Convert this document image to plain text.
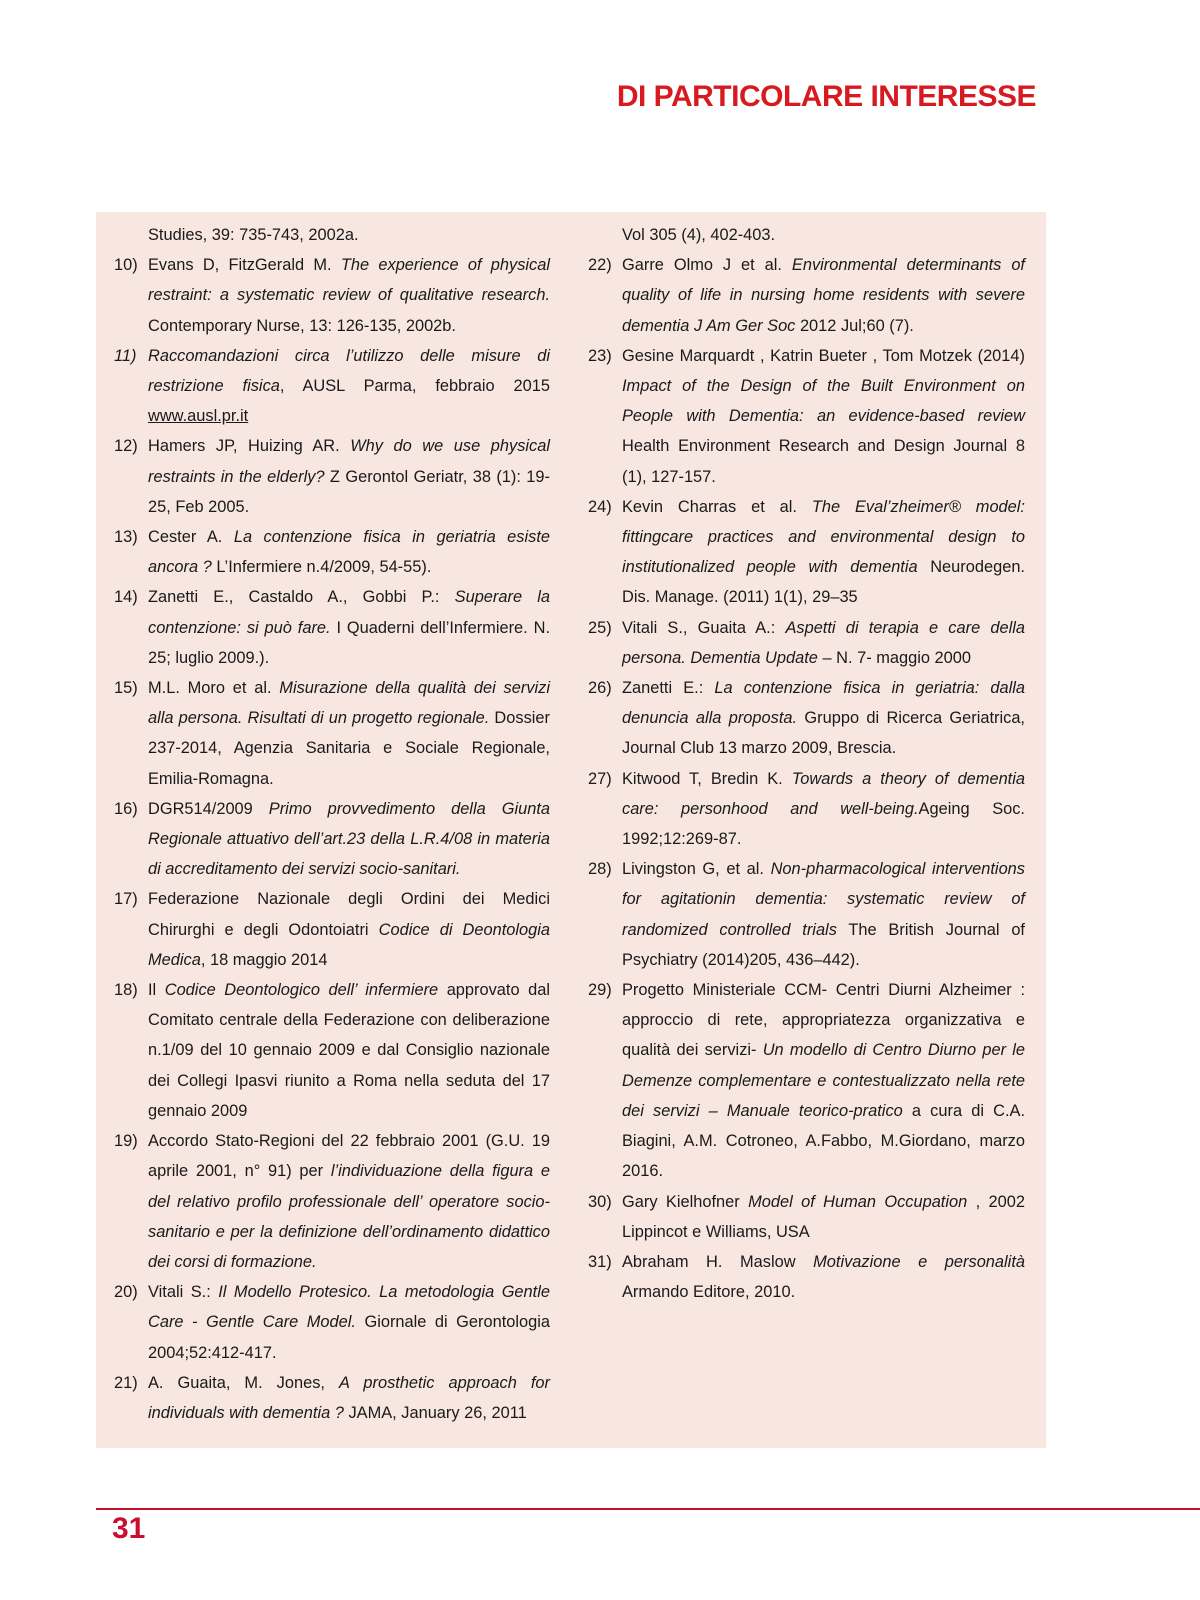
DI PARTICOLARE INTERESSE
Studies, 39: 735-743, 2002a.
10) Evans D, FitzGerald M. The experience of physical restraint: a systematic review of qualitative research. Contemporary Nurse, 13: 126-135, 2002b.
11) Raccomandazioni circa l’utilizzo delle misure di restrizione fisica, AUSL Parma, febbraio 2015 www.ausl.pr.it
12) Hamers JP, Huizing AR. Why do we use physical restraints in the elderly? Z Gerontol Geriatr, 38 (1): 19-25, Feb 2005.
13) Cester A. La contenzione fisica in geriatria esiste ancora ? L’Infermiere n.4/2009, 54-55).
14) Zanetti E., Castaldo A., Gobbi P.: Superare la contenzione: si può fare. I Quaderni dell’Infermiere. N. 25; luglio 2009.).
15) M.L. Moro et al. Misurazione della qualità dei servizi alla persona. Risultati di un progetto regionale. Dossier 237-2014, Agenzia Sanitaria e Sociale Regionale, Emilia-Romagna.
16) DGR514/2009 Primo provvedimento della Giunta Regionale attuativo dell’art.23 della L.R.4/08 in materia di accreditamento dei servizi socio-sanitari.
17) Federazione Nazionale degli Ordini dei Medici Chirurghi e degli Odontoiatri Codice di Deontologia Medica, 18 maggio 2014
18) Il Codice Deontologico dell’ infermiere approvato dal Comitato centrale della Federazione con deliberazione n.1/09 del 10 gennaio 2009 e dal Consiglio nazionale dei Collegi Ipasvi riunito a Roma nella seduta del 17 gennaio 2009
19) Accordo Stato-Regioni del 22 febbraio 2001 (G.U. 19 aprile 2001, n° 91) per l’individuazione della figura e del relativo profilo professionale dell’ operatore socio-sanitario e per la definizione dell’ordinamento didattico dei corsi di formazione.
20) Vitali S.: Il Modello Protesico. La metodologia Gentle Care - Gentle Care Model. Giornale di Gerontologia 2004;52:412-417.
21) A. Guaita, M. Jones, A prosthetic approach for individuals with dementia ? JAMA, January 26, 2011
Vol 305 (4), 402-403.
22) Garre Olmo J et al. Environmental determinants of quality of life in nursing home residents with severe dementia J Am Ger Soc 2012 Jul;60 (7).
23) Gesine Marquardt , Katrin Bueter , Tom Motzek (2014) Impact of the Design of the Built Environment on People with Dementia: an evidence-based review Health Environment Research and Design Journal 8 (1), 127-157.
24) Kevin Charras et al. The Eval’zheimer® model: fittingcare practices and environmental design to institutionalized people with dementia Neurodegen. Dis. Manage. (2011) 1(1), 29–35
25) Vitali S., Guaita A.: Aspetti di terapia e care della persona. Dementia Update – N. 7- maggio 2000
26) Zanetti E.: La contenzione fisica in geriatria: dalla denuncia alla proposta. Gruppo di Ricerca Geriatrica, Journal Club 13 marzo 2009, Brescia.
27) Kitwood T, Bredin K. Towards a theory of dementia care: personhood and well-being.Ageing Soc. 1992;12:269-87.
28) Livingston G, et al. Non-pharmacological interventions for agitationin dementia: systematic review of randomized controlled trials The British Journal of Psychiatry (2014)205, 436–442).
29) Progetto Ministeriale CCM- Centri Diurni Alzheimer : approccio di rete, appropriatezza organizzativa e qualità dei servizi- Un modello di Centro Diurno per le Demenze complementare e contestualizzato nella rete dei servizi – Manuale teorico-pratico a cura di C.A. Biagini, A.M. Cotroneo, A.Fabbo, M.Giordano, marzo 2016.
30) Gary Kielhofner Model of Human Occupation , 2002 Lippincot e Williams, USA
31) Abraham H. Maslow Motivazione e personalità Armando Editore, 2010.
31
